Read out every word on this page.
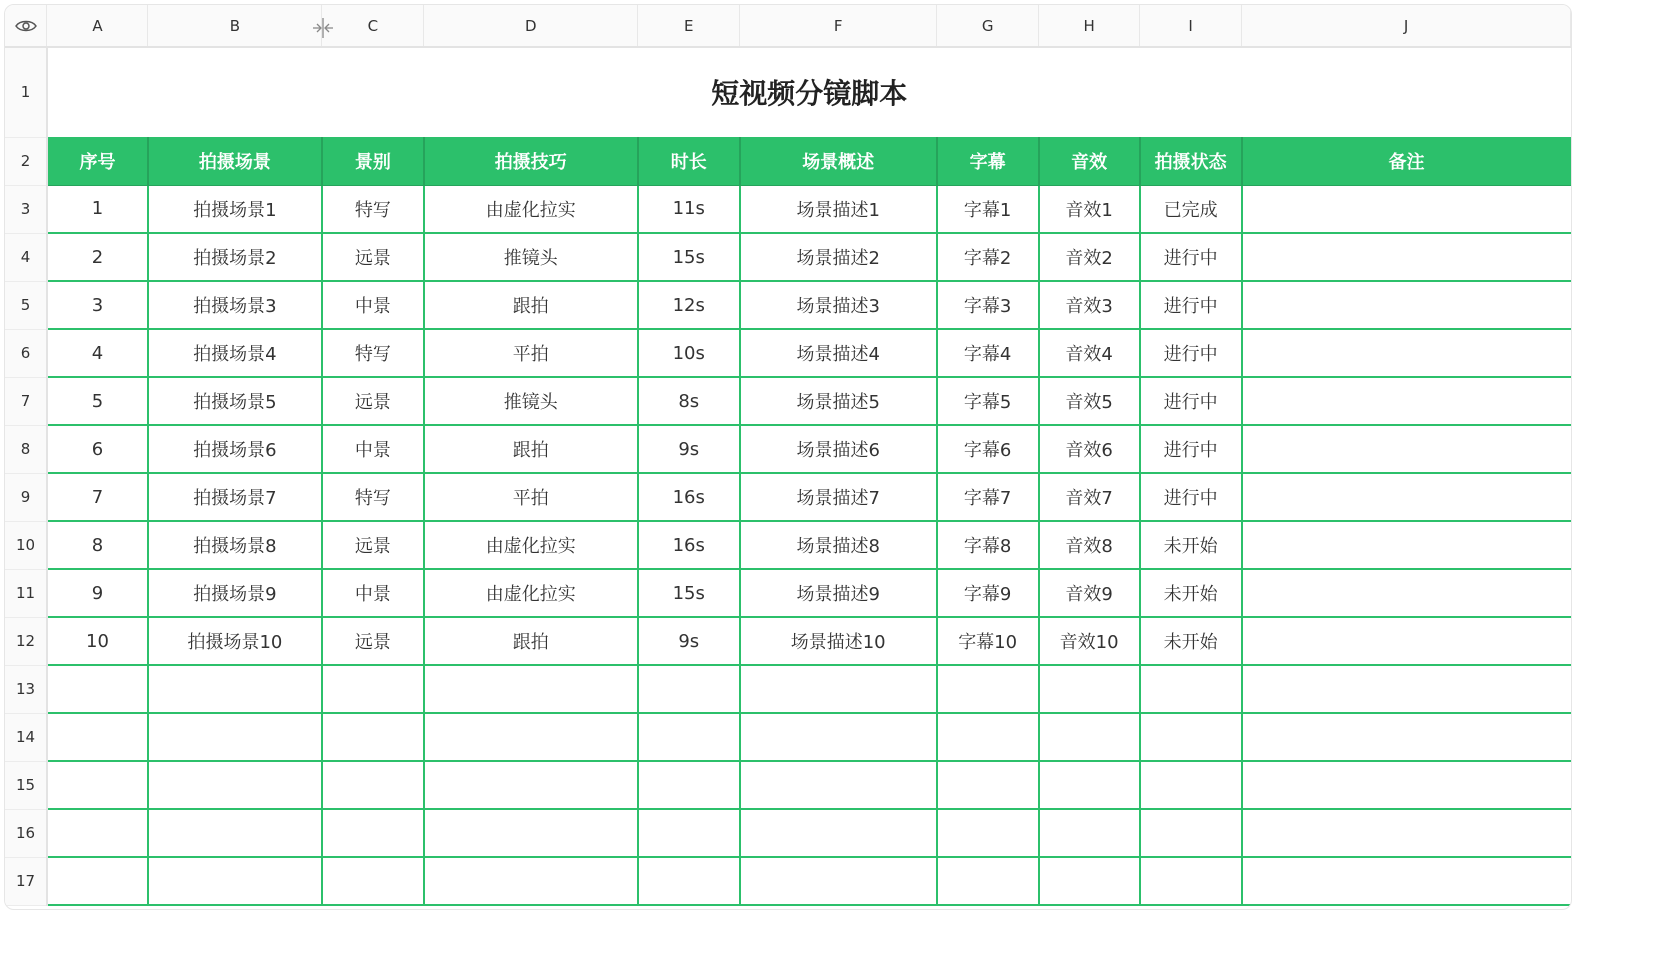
	A	B	C	D	E	F	G	H	I	J
1	短视频分镜脚本									
2	序号	拍摄场景	景别	拍摄技巧	时长	场景概述	字幕	音效	拍摄状态	备注
3	1	拍摄场景1	特写	由虚化拉实	11s	场景描述1	字幕1	音效1	已完成	
4	2	拍摄场景2	远景	推镜头	15s	场景描述2	字幕2	音效2	进行中	
5	3	拍摄场景3	中景	跟拍	12s	场景描述3	字幕3	音效3	进行中	
6	4	拍摄场景4	特写	平拍	10s	场景描述4	字幕4	音效4	进行中	
7	5	拍摄场景5	远景	推镜头	8s	场景描述5	字幕5	音效5	进行中	
8	6	拍摄场景6	中景	跟拍	9s	场景描述6	字幕6	音效6	进行中	
9	7	拍摄场景7	特写	平拍	16s	场景描述7	字幕7	音效7	进行中	
10	8	拍摄场景8	远景	由虚化拉实	16s	场景描述8	字幕8	音效8	未开始	
11	9	拍摄场景9	中景	由虚化拉实	15s	场景描述9	字幕9	音效9	未开始	
12	10	拍摄场景10	远景	跟拍	9s	场景描述10	字幕10	音效10	未开始	
13										
14										
15										
16										
17										
